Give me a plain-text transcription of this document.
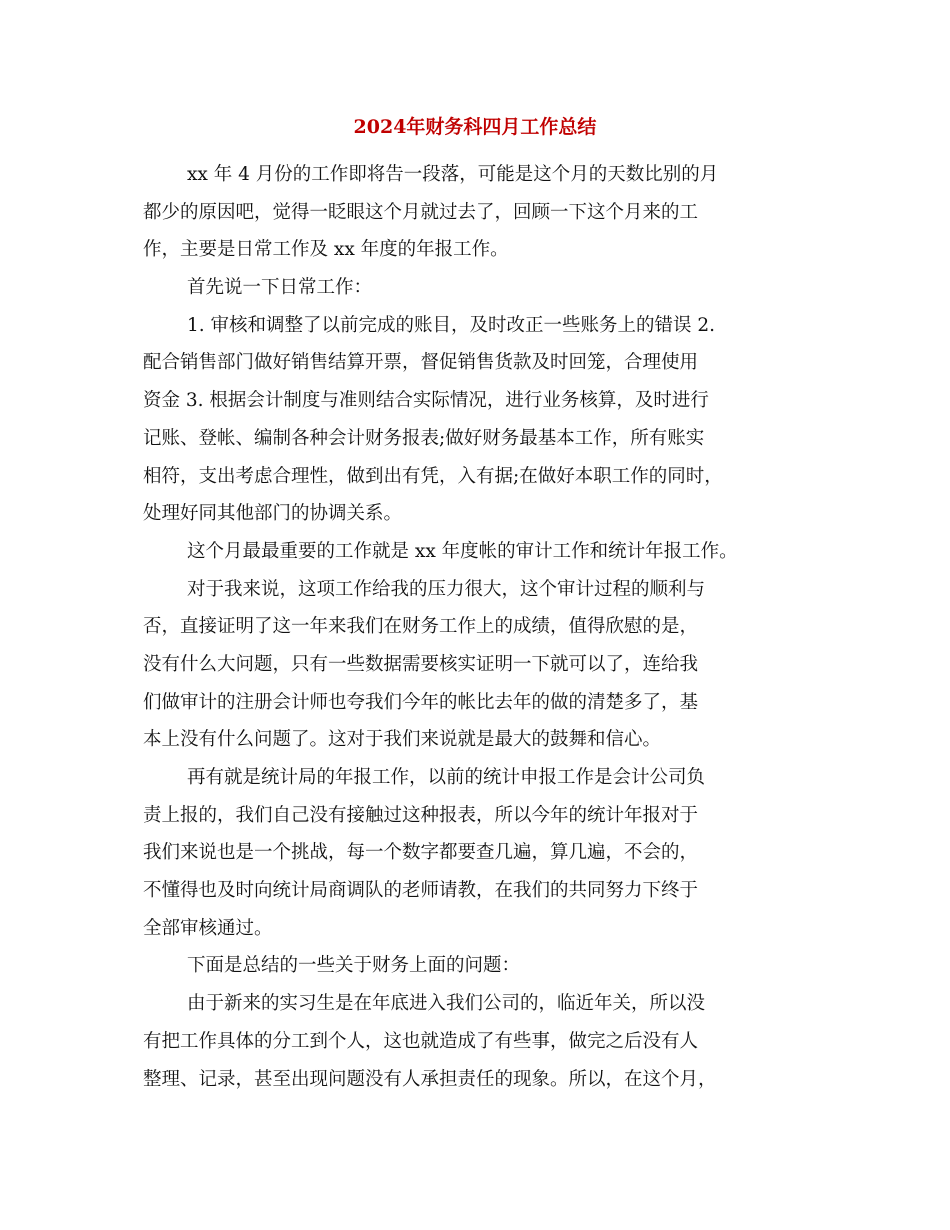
2024年财务科四月工作总结
xx 年 4 月份的工作即将告一段落，可能是这个月的天数比别的月
都少的原因吧，觉得一眨眼这个月就过去了，回顾一下这个月来的工
作，主要是日常工作及 xx 年度的年报工作。
首先说一下日常工作：
1. 审核和调整了以前完成的账目，及时改正一些账务上的错误 2.
配合销售部门做好销售结算开票，督促销售货款及时回笼，合理使用
资金 3. 根据会计制度与准则结合实际情况，进行业务核算，及时进行
记账、登帐、编制各种会计财务报表;做好财务最基本工作，所有账实
相符，支出考虑合理性，做到出有凭，入有据;在做好本职工作的同时，
处理好同其他部门的协调关系。
这个月最最重要的工作就是 xx 年度帐的审计工作和统计年报工作。
对于我来说，这项工作给我的压力很大，这个审计过程的顺利与
否，直接证明了这一年来我们在财务工作上的成绩，值得欣慰的是，
没有什么大问题，只有一些数据需要核实证明一下就可以了，连给我
们做审计的注册会计师也夸我们今年的帐比去年的做的清楚多了，基
本上没有什么问题了。这对于我们来说就是最大的鼓舞和信心。
再有就是统计局的年报工作，以前的统计申报工作是会计公司负
责上报的，我们自己没有接触过这种报表，所以今年的统计年报对于
我们来说也是一个挑战，每一个数字都要查几遍，算几遍，不会的，
不懂得也及时向统计局商调队的老师请教，在我们的共同努力下终于
全部审核通过。
下面是总结的一些关于财务上面的问题：
由于新来的实习生是在年底进入我们公司的，临近年关，所以没
有把工作具体的分工到个人，这也就造成了有些事，做完之后没有人
整理、记录，甚至出现问题没有人承担责任的现象。所以，在这个月，
